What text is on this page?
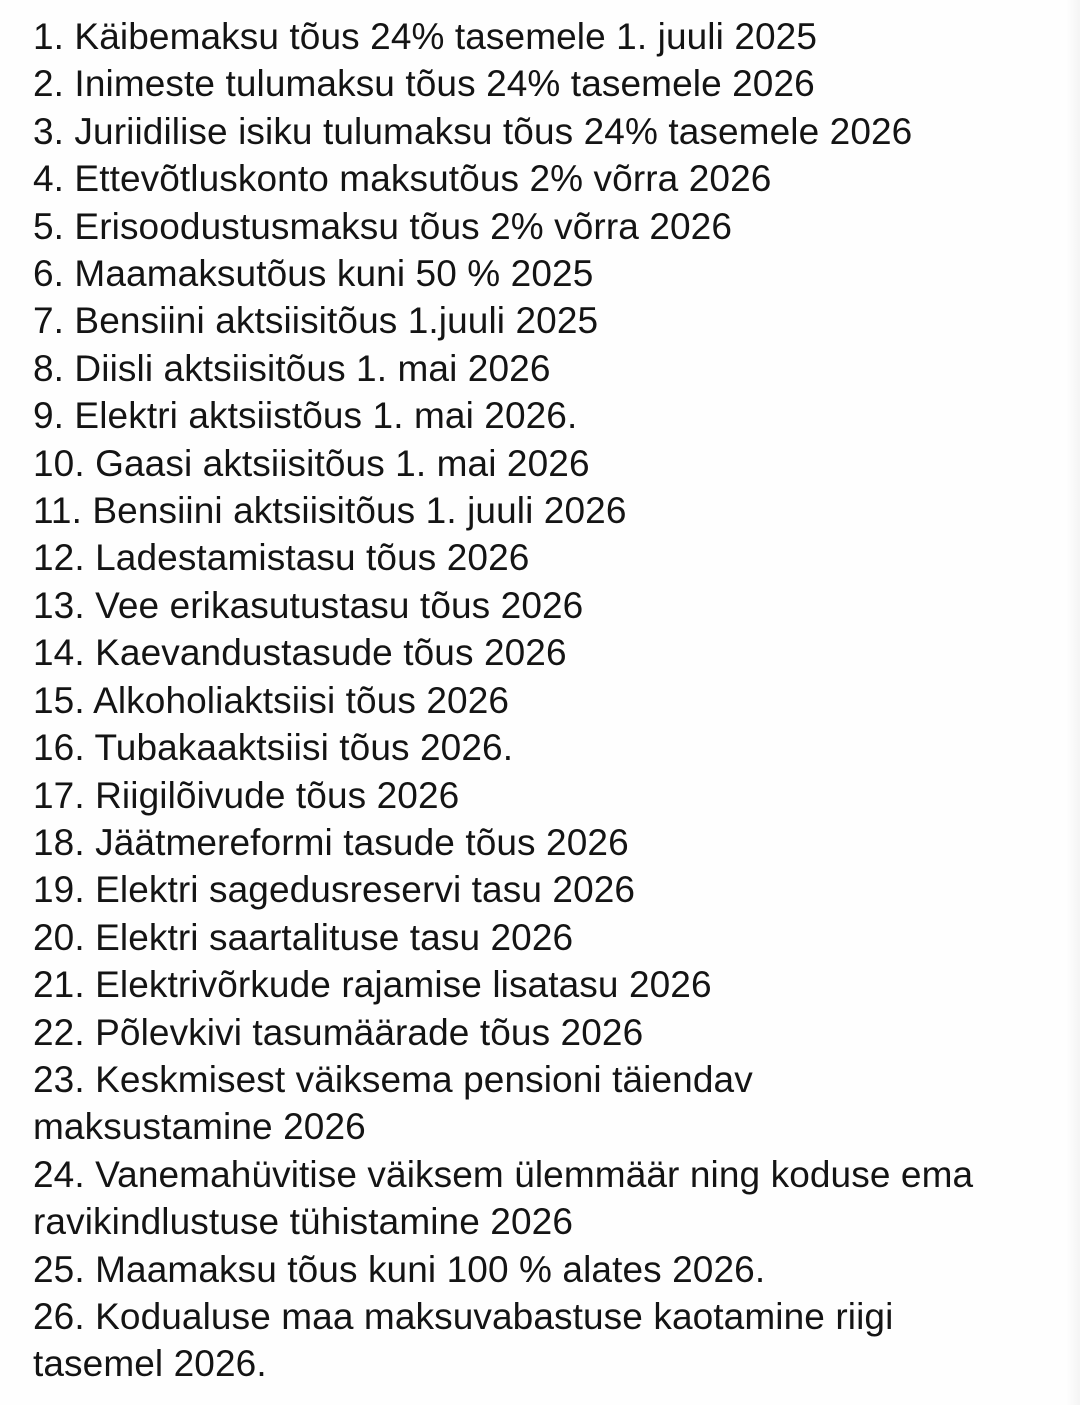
1. Käibemaksu tõus 24% tasemele 1. juuli 2025
2. Inimeste tulumaksu tõus 24% tasemele 2026
3. Juriidilise isiku tulumaksu tõus 24% tasemele 2026
4. Ettevõtluskonto maksutõus 2% võrra 2026
5. Erisoodustusmaksu tõus 2% võrra 2026
6. Maamaksutõus kuni 50 % 2025
7. Bensiini aktsiisitõus 1.juuli 2025
8. Diisli aktsiisitõus 1. mai 2026
9. Elektri aktsiistõus 1. mai 2026.
10. Gaasi aktsiisitõus 1. mai 2026
11. Bensiini aktsiisitõus 1. juuli 2026
12. Ladestamistasu tõus 2026
13. Vee erikasutustasu tõus 2026
14. Kaevandustasude tõus 2026
15. Alkoholiaktsiisi tõus 2026
16. Tubakaaktsiisi tõus 2026.
17. Riigilõivude tõus 2026
18. Jäätmereformi tasude tõus 2026
19. Elektri sagedusreservi tasu 2026
20. Elektri saartalituse tasu 2026
21. Elektrivõrkude rajamise lisatasu 2026
22. Põlevkivi tasumäärade tõus 2026
23. Keskmisest väiksema pensioni täiendav
maksustamine 2026
24. Vanemahüvitise väiksem ülemmäär ning koduse ema
ravikindlustuse tühistamine 2026
25. Maamaksu tõus kuni 100 % alates 2026.
26. Kodualuse maa maksuvabastuse kaotamine riigi
tasemel 2026.
